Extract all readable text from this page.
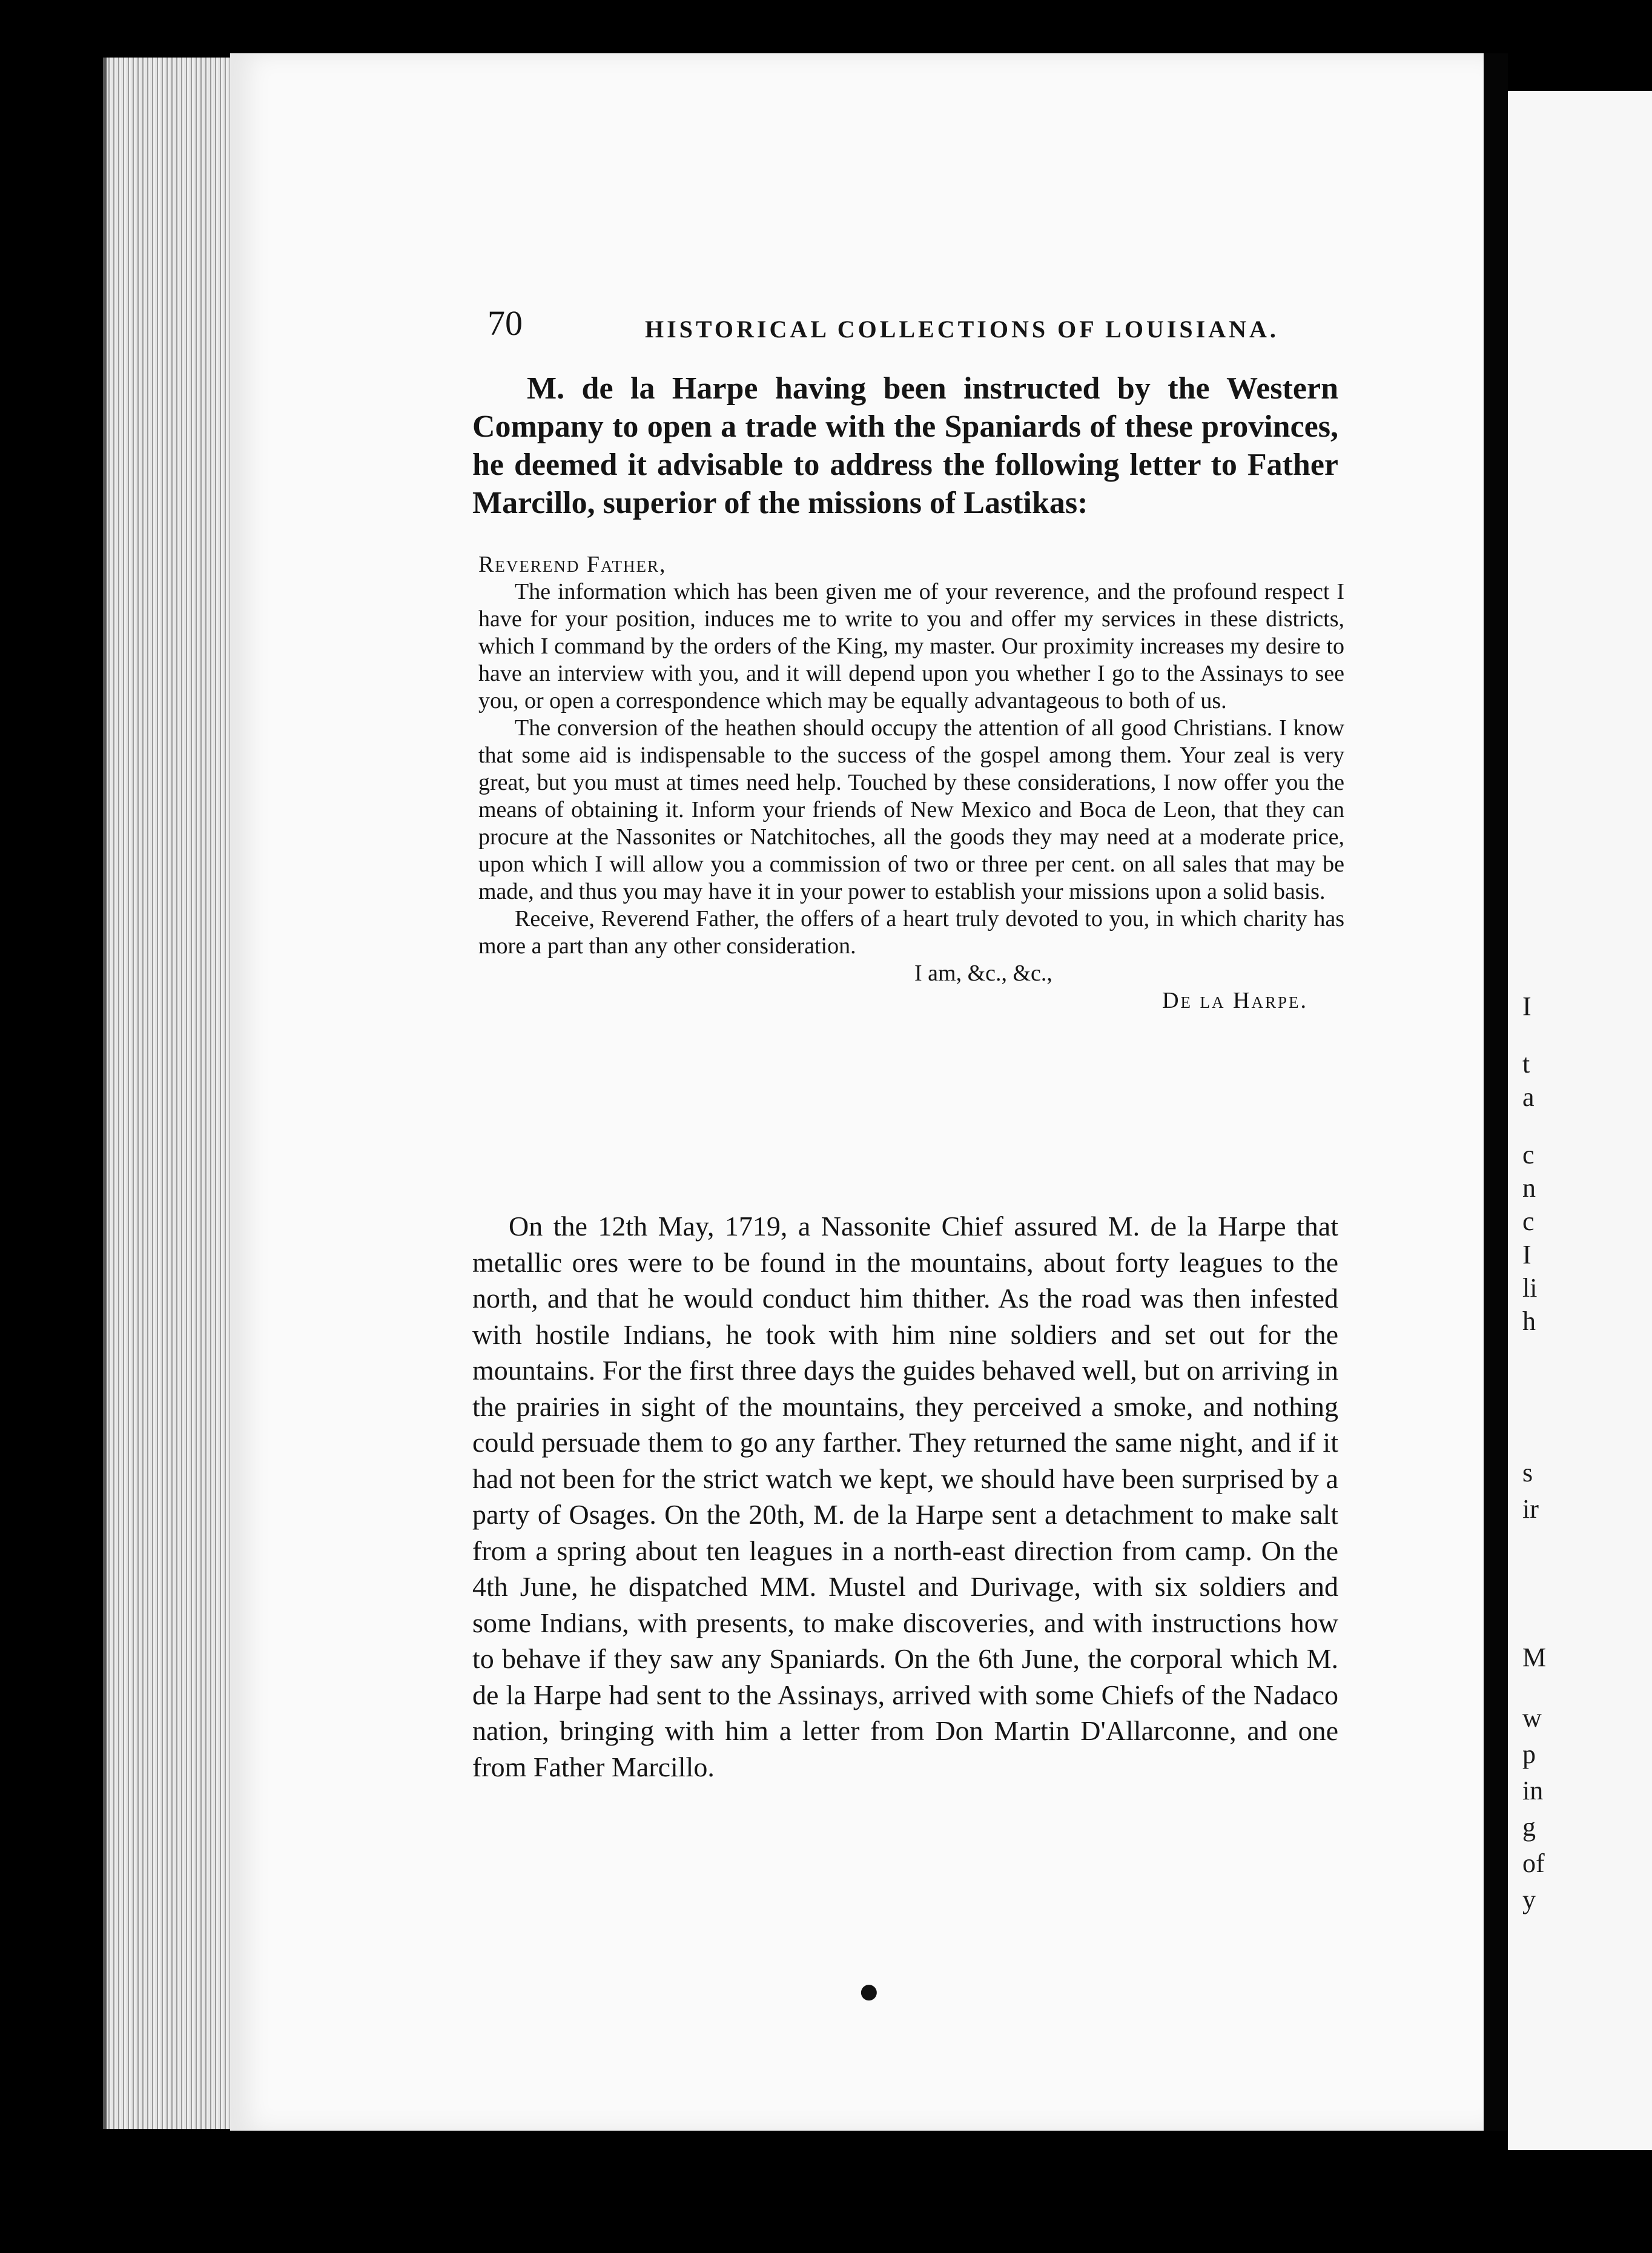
I
t
a
c
n
c
I
li
h
s
ir
M
w
p
in
g
of
y
70	HISTORICAL COLLECTIONS OF LOUISIANA.

M. de la Harpe having been instructed by the Western Company to open a trade with the Spaniards of these provinces, he deemed it advisable to address the following letter to Father Marcillo, superior of the missions of Lastikas:

Reverend Father,

The information which has been given me of your reverence, and the profound respect I have for your position, induces me to write to you and offer my services in these districts, which I command by the orders of the King, my master. Our proximity increases my desire to have an interview with you, and it will depend upon you whether I go to the Assinays to see you, or open a correspondence which may be equally advantageous to both of us.

The conversion of the heathen should occupy the attention of all good Christians. I know that some aid is indispensable to the success of the gospel among them. Your zeal is very great, but you must at times need help. Touched by these considerations, I now offer you the means of obtaining it. Inform your friends of New Mexico and Boca de Leon, that they can procure at the Nassonites or Natchitoches, all the goods they may need at a moderate price, upon which I will allow you a commission of two or three per cent. on all sales that may be made, and thus you may have it in your power to establish your missions upon a solid basis.

Receive, Reverend Father, the offers of a heart truly devoted to you, in which charity has more a part than any other consideration.

I am, &c., &c.,

De la Harpe.

On the 12th May, 1719, a Nassonite Chief assured M. de la Harpe that metallic ores were to be found in the mountains, about forty leagues to the north, and that he would conduct him thither. As the road was then infested with hostile Indians, he took with him nine soldiers and set out for the mountains. For the first three days the guides behaved well, but on arriving in the prairies in sight of the mountains, they perceived a smoke, and nothing could persuade them to go any farther. They returned the same night, and if it had not been for the strict watch we kept, we should have been surprised by a party of Osages. On the 20th, M. de la Harpe sent a detachment to make salt from a spring about ten leagues in a north-east direction from camp. On the 4th June, he dispatched MM. Mustel and Durivage, with six soldiers and some Indians, with presents, to make discoveries, and with instructions how to behave if they saw any Spaniards. On the 6th June, the corporal which M. de la Harpe had sent to the Assinays, arrived with some Chiefs of the Nadaco nation, bringing with him a letter from Don Martin D'Allarconne, and one from Father Marcillo.

●
